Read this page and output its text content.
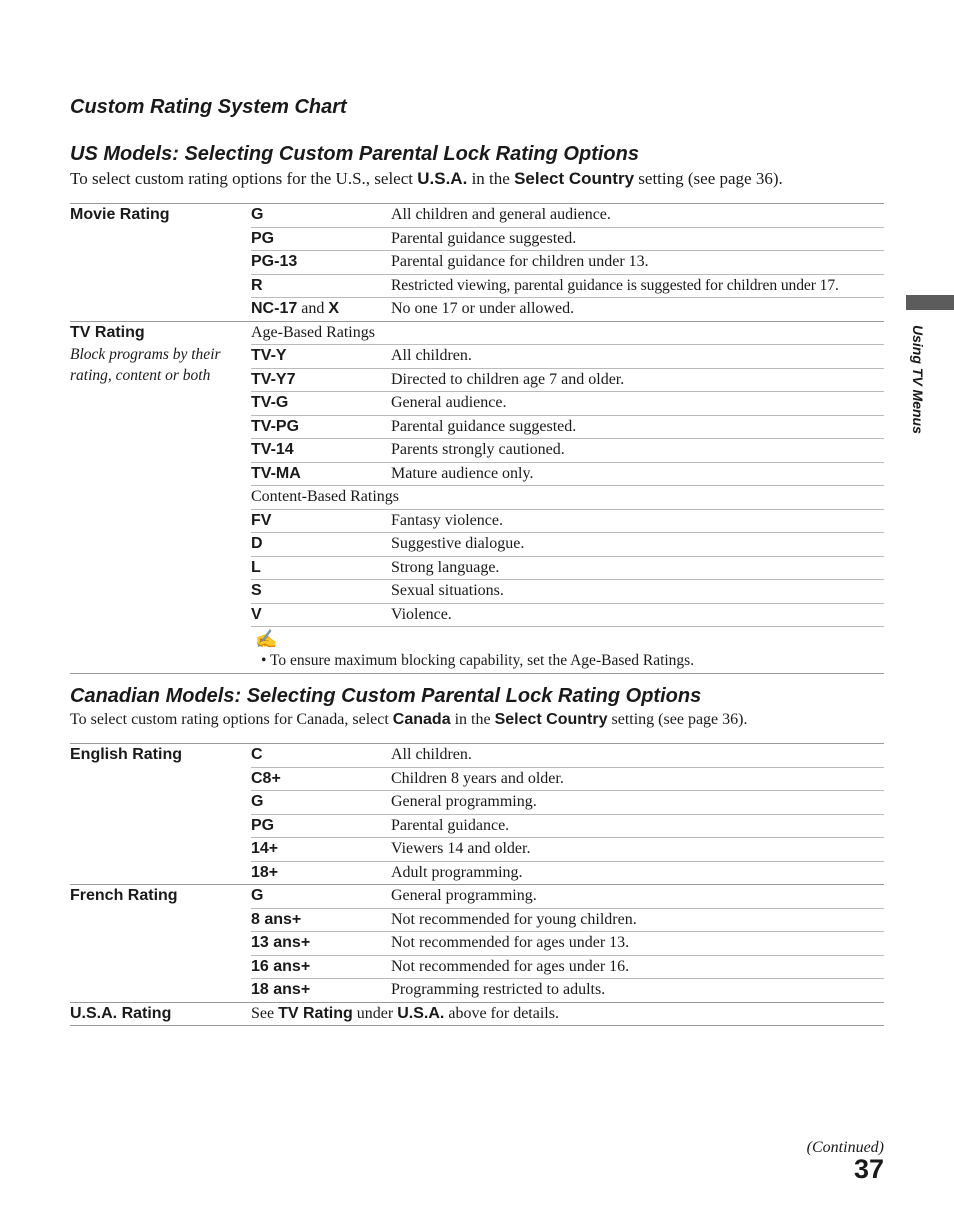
Custom Rating System Chart
US Models: Selecting Custom Parental Lock Rating Options

To select custom rating options for the U.S., select U.S.A. in the Select Country setting (see page 36).

Movie Rating	G	All children and general audience.
PG	Parental guidance suggested.
PG-13	Parental guidance for children under 13.
R	Restricted viewing, parental guidance is suggested for children under 17.
NC-17 and X	No one 17 or under allowed.
TV Rating
Block programs by their
rating, content or both
Age-Based Ratings
TV-Y	All children.
TV-Y7	Directed to children age 7 and older.
TV-G	General audience.
TV-PG	Parental guidance suggested.
TV-14	Parents strongly cautioned.
TV-MA	Mature audience only.
Content-Based Ratings
FV	Fantasy violence.
D	Suggestive dialogue.
L	Strong language.
S	Sexual situations.
V	Violence.
✍
• To ensure maximum blocking capability, set the Age-Based Ratings.
Canadian Models: Selecting Custom Parental Lock Rating Options

To select custom rating options for Canada, select Canada in the Select Country setting (see page 36).

English Rating	C	All children.
C8+	Children 8 years and older.
G	General programming.
PG	Parental guidance.
14+	Viewers 14 and older.
18+	Adult programming.
French Rating	G	General programming.
8 ans+	Not recommended for young children.
13 ans+	Not recommended for ages under 13.
16 ans+	Not recommended for ages under 16.
18 ans+	Programming restricted to adults.
U.S.A. Rating	See TV Rating under U.S.A. above for details.
Using TV Menus
(Continued)
37
